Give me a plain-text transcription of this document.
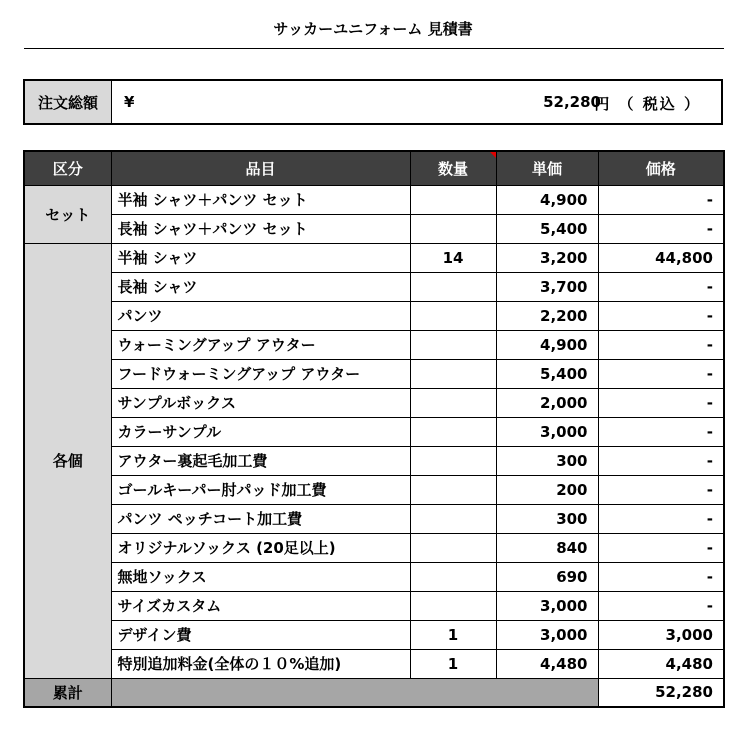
サッカーユニフォーム 見積書
注文総額	¥	52,280
円 （ 税込 ）
区分	品目	数量	単価	価格
セット	半袖 シャツ＋パンツ セット		4,900	-
	長袖 シャツ＋パンツ セット		5,400	-
各個	半袖 シャツ	14	3,200	44,800
	長袖 シャツ		3,700	-
	パンツ		2,200	-
	ウォーミングアップ アウター		4,900	-
	フードウォーミングアップ アウター		5,400	-
	サンプルボックス		2,000	-
	カラーサンプル		3,000	-
	アウター裏起毛加工費		300	-
	ゴールキーパー肘パッド加工費		200	-
	パンツ ペッチコート加工費		300	-
	オリジナルソックス (20足以上)		840	-
	無地ソックス		690	-
	サイズカスタム		3,000	-
	デザイン費	1	3,000	3,000
	特別追加料金(全体の１０%追加)	1	4,480	4,480
累計				52,280
